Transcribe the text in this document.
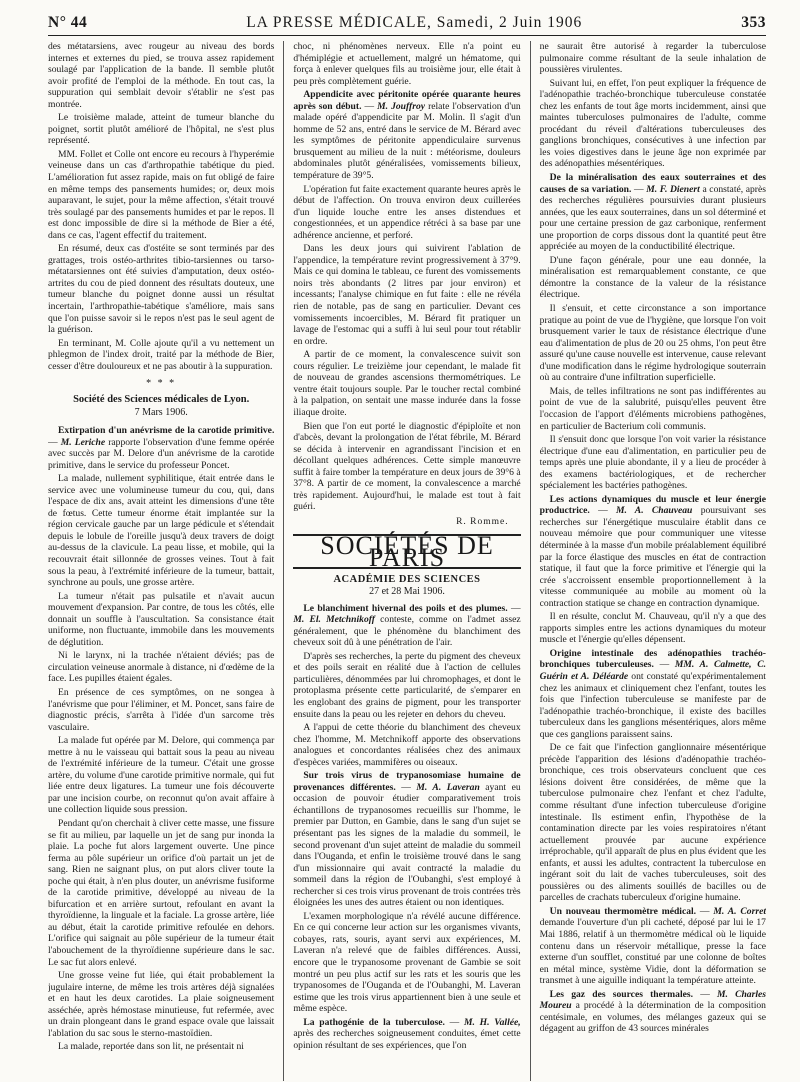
N° 44	LA PRESSE MÉDICALE, Samedi, 2 Juin 1906	353

des métatarsiens, avec rougeur au niveau des bords internes et externes du pied, se trouva assez rapidement soulagé par l'application de la bande. Il semble plutôt avoir profité de l'emploi de la méthode. En tout cas, la suppuration qui semblait devoir s'établir ne s'est pas montrée.

Le troisième malade, atteint de tumeur blanche du poignet, sortit plutôt amélioré de l'hôpital, ne s'est plus représenté.

MM. Follet et Colle ont encore eu recours à l'hyperémie veineuse dans un cas d'arthropathie tabétique du pied. L'amélioration fut assez rapide, mais on fut obligé de faire en même temps des pansements humides; or, deux mois auparavant, le sujet, pour la même affection, s'était trouvé très soulagé par des pansements humides et par le repos. Il est donc impossible de dire si la méthode de Bier a été, dans ce cas, l'agent effectif du traitement.

En résumé, deux cas d'ostéite se sont terminés par des grattages, trois ostéo-arthrites tibio-tarsiennes ou tarso-métatarsiennes ont été suivies d'amputation, deux ostéo-artrites du cou de pied donnent des résultats douteux, une tumeur blanche du poignet donne aussi un résultat incertain, l'arthropathie-tabétique s'améliore, mais sans que l'on puisse savoir si le repos n'est pas le seul agent de la guérison.

En terminant, M. Colle ajoute qu'il a vu nettement un phlegmon de l'index droit, traité par la méthode de Bier, cesser d'être douloureux et ne pas aboutir à la suppuration.

* * *
Société des Sciences médicales de Lyon.
7 Mars 1906.

Extirpation d'un anévrisme de la carotide primitive. — M. Leriche rapporte l'observation d'une femme opérée avec succès par M. Delore d'un anévrisme de la carotide primitive, dans le service du professeur Poncet.

La malade, nullement syphilitique, était entrée dans le service avec une volumineuse tumeur du cou, qui, dans l'espace de dix ans, avait atteint les dimensions d'une tête de fœtus. Cette tumeur énorme était implantée sur la région cervicale gauche par un large pédicule et s'étendait depuis le lobule de l'oreille jusqu'à deux travers de doigt au-dessus de la clavicule. La peau lisse, et mobile, qui la recouvrait était sillonnée de grosses veines. Tout à fait sous la peau, à l'extrémité inférieure de la tumeur, battait, synchrone au pouls, une grosse artère.

La tumeur n'était pas pulsatile et n'avait aucun mouvement d'expansion. Par contre, de tous les côtés, elle donnait un souffle à l'auscultation. Sa consistance était uniforme, non fluctuante, immobile dans les mouvements de déglutition.

Ni le larynx, ni la trachée n'étaient déviés; pas de circulation veineuse anormale à distance, ni d'œdème de la face. Les pupilles étaient égales.

En présence de ces symptômes, on ne songea à l'anévrisme que pour l'éliminer, et M. Poncet, sans faire de diagnostic précis, s'arrêta à l'idée d'un sarcome très vasculaire.

La malade fut opérée par M. Delore, qui commença par mettre à nu le vaisseau qui battait sous la peau au niveau de l'extrémité inférieure de la tumeur. C'était une grosse artère, du volume d'une carotide primitive normale, qui fut liée entre deux ligatures. La tumeur une fois découverte par une incision courbe, on reconnut qu'on avait affaire à une collection liquide sous pression.

Pendant qu'on cherchait à cliver cette masse, une fissure se fit au milieu, par laquelle un jet de sang pur inonda la plaie. La poche fut alors largement ouverte. Une pince ferma au pôle supérieur un orifice d'où partait un jet de sang. Rien ne saignant plus, on put alors cliver toute la poche qui était, à n'en plus douter, un anévrisme fusiforme de la carotide primitive, développé au niveau de la bifurcation et en arrière surtout, refoulant en avant la thyroïdienne, la linguale et la faciale. La grosse artère, liée au début, était la carotide primitive refoulée en dehors. L'orifice qui saignait au pôle supérieur de la tumeur était l'abouchement de la thyroïdienne supérieure dans le sac. Le sac fut alors enlevé.

Une grosse veine fut liée, qui était probablement la jugulaire interne, de même les trois artères déjà signalées et en haut les deux carotides. La plaie soigneusement asséchée, après hémostase minutieuse, fut refermée, avec un drain plongeant dans le grand espace ovale que laissait l'ablation du sac sous le sterno-mastoïdien.

La malade, reportée dans son lit, ne présentait ni

choc, ni phénomènes nerveux. Elle n'a point eu d'hémiplégie et actuellement, malgré un hématome, qui força à enlever quelques fils au troisième jour, elle était à peu près complètement guérie.

Appendicite avec péritonite opérée quarante heures après son début. — M. Jouffroy relate l'observation d'un malade opéré d'appendicite par M. Molin. Il s'agit d'un homme de 52 ans, entré dans le service de M. Bérard avec les symptômes de péritonite appendiculaire survenus brusquement au milieu de la nuit : météorisme, douleurs abdominales plutôt généralisées, vomissements bilieux, température de 39°5.

L'opération fut faite exactement quarante heures après le début de l'affection. On trouva environ deux cuillerées d'un liquide louche entre les anses distendues et congestionnées, et un appendice rétréci à sa base par une adhérence ancienne, et perforé.

Dans les deux jours qui suivirent l'ablation de l'appendice, la température revint progressivement à 37°9. Mais ce qui domina le tableau, ce furent des vomissements noirs très abondants (2 litres par jour environ) et incessants; l'analyse chimique en fut faite : elle ne révéla rien de notable, pas de sang en particulier. Devant ces vomissements incoercibles, M. Bérard fit pratiquer un lavage de l'estomac qui a suffi à lui seul pour tout rétablir en ordre.

A partir de ce moment, la convalescence suivit son cours régulier. Le treizième jour cependant, le malade fit de nouveau de grandes ascensions thermométriques. Le ventre était toujours souple. Par le toucher rectal combiné à la palpation, on sentait une masse indurée dans la fosse iliaque droite.

Bien que l'on eut porté le diagnostic d'épiploïte et non d'abcès, devant la prolongation de l'état fébrile, M. Bérard se décida à intervenir en agrandissant l'incision et en décollant quelques adhérences. Cette simple manœuvre suffit à faire tomber la température en deux jours de 39°6 à 37°8. A partir de ce moment, la convalescence a marché très rapidement. Aujourd'hui, le malade est tout à fait guéri.

R. Romme.
SOCIÉTÉS DE PARIS
ACADÉMIE DES SCIENCES
27 et 28 Mai 1906.

Le blanchiment hivernal des poils et des plumes. — M. El. Metchnikoff conteste, comme on l'admet assez généralement, que le phénomène du blanchiment des cheveux soit dû à une pénétration de l'air.

D'après ses recherches, la perte du pigment des cheveux et des poils serait en réalité due à l'action de cellules particulières, dénommées par lui chromophages, et dont le protoplasma présente cette particularité, de s'emparer en les englobant des grains de pigment, pour les transporter ensuite dans la peau ou les rejeter en dehors du cheveu.

A l'appui de cette théorie du blanchiment des cheveux chez l'homme, M. Metchnikoff apporte des observations analogues et concordantes réalisées chez des animaux d'espèces variées, mammifères ou oiseaux.

Sur trois virus de trypanosomiase humaine de provenances différentes. — M. A. Laveran ayant eu occasion de pouvoir étudier comparativement trois échantillons de trypanosomes recueillis sur l'homme, le premier par Dutton, en Gambie, dans le sang d'un sujet se présentant pas les signes de la maladie du sommeil, le second provenant d'un sujet atteint de maladie du sommeil dans l'Ouganda, et enfin le troisième trouvé dans le sang d'un missionnaire qui avait contracté la maladie du sommeil dans la région de l'Oubanghi, s'est employé à rechercher si ces trois virus provenant de trois contrées très éloignées les unes des autres étaient ou non identiques.

L'examen morphologique n'a révélé aucune différence. En ce qui concerne leur action sur les organismes vivants, cobayes, rats, souris, ayant servi aux expériences, M. Laveran n'a relevé que de faibles différences. Aussi, encore que le trypanosome provenant de Gambie se soit montré un peu plus actif sur les rats et les souris que les trypanosomes de l'Ouganda et de l'Oubanghi, M. Laveran estime que les trois virus appartiennent bien à une seule et même espèce.

La pathogénie de la tuberculose. — M. H. Vallée, après des recherches soigneusement conduites, émet cette opinion résultant de ses expériences, que l'on

ne saurait être autorisé à regarder la tuberculose pulmonaire comme résultant de la seule inhalation de poussières virulentes.

Suivant lui, en effet, l'on peut expliquer la fréquence de l'adénopathie trachéo-bronchique tuberculeuse constatée chez les enfants de tout âge morts incidemment, ainsi que maintes tuberculoses pulmonaires de l'adulte, comme procédant du réveil d'altérations tuberculeuses des ganglions bronchiques, consécutives à une infection par les voies digestives dans le jeune âge non exprimée par des adénopathies mésentériques.

De la minéralisation des eaux souterraines et des causes de sa variation. — M. F. Dienert a constaté, après des recherches régulières poursuivies durant plusieurs années, que les eaux souterraines, dans un sol déterminé et pour une certaine pression de gaz carbonique, renferment une proportion de corps dissous dont la quantité peut être appréciée au moyen de la conductibilité électrique.

D'une façon générale, pour une eau donnée, la minéralisation est remarquablement constante, ce que démontre la constance de la valeur de la résistance électrique.

Il s'ensuit, et cette circonstance a son importance pratique au point de vue de l'hygiène, que lorsque l'on voit brusquement varier le taux de résistance électrique d'une eau d'alimentation de plus de 20 ou 25 ohms, l'on peut être assuré qu'une cause nouvelle est intervenue, cause relevant d'une modification dans le régime hydrologique souterrain où au contraire d'une infiltration superficielle.

Mais, de telles infiltrations ne sont pas indifférentes au point de vue de la salubrité, puisqu'elles peuvent être l'occasion de l'apport d'éléments microbiens pathogènes, en particulier de Bacterium coli communis.

Il s'ensuit donc que lorsque l'on voit varier la résistance électrique d'une eau d'alimentation, en particulier peu de temps après une pluie abondante, il y a lieu de procéder à des examens bactériologiques, et de rechercher spécialement les bactéries pathogènes.

Les actions dynamiques du muscle et leur énergie productrice. — M. A. Chauveau poursuivant ses recherches sur l'énergétique musculaire établit dans ce nouveau mémoire que pour communiquer une vitesse déterminée à la masse d'un mobile préalablement équilibré par la force élastique des muscles en état de contraction statique, il faut que la force primitive et l'énergie qui la crée s'accroissent ensemble proportionnellement à la vitesse communiquée au mobile au moment où la contraction statique se change en contraction dynamique.

Il en résulte, conclut M. Chauveau, qu'il n'y a que des rapports simples entre les actions dynamiques du moteur muscle et l'énergie qu'elles dépensent.

Origine intestinale des adénopathies trachéo-bronchiques tuberculeuses. — MM. A. Calmette, C. Guérin et A. Déléarde ont constaté qu'expérimentalement chez les animaux et cliniquement chez l'enfant, toutes les fois que l'infection tuberculeuse se manifeste par de l'adénopathie trachéo-bronchique, il existe des bacilles tuberculeux dans les ganglions mésentériques, alors même que ces ganglions paraissent sains.

De ce fait que l'infection ganglionnaire mésentérique précède l'apparition des lésions d'adénopathie trachéo-bronchique, ces trois observateurs concluent que ces lésions doivent être considérées, de même que la tuberculose pulmonaire chez l'enfant et chez l'adulte, comme résultant d'une infection tuberculeuse d'origine intestinale. Ils estiment enfin, l'hypothèse de la contamination directe par les voies respiratoires n'étant actuellement prouvée par aucune expérience irréprochable, qu'il apparaît de plus en plus évident que les enfants, et aussi les adultes, contractent la tuberculose en ingérant soit du lait de vaches tuberculeuses, soit des poussières ou des aliments souillés de bacilles ou de parcelles de crachats tuberculeux d'origine humaine.

Un nouveau thermomètre médical. — M. A. Corret demande l'ouverture d'un pli cacheté, déposé par lui le 17 Mai 1886, relatif à un thermomètre médical où le liquide contenu dans un réservoir métallique, presse la face externe d'un soufflet, constitué par une colonne de boîtes en métal mince, système Vidie, dont la déformation se transmet à une aiguille indiquant la température atteinte.

Les gaz des sources thermales. — M. Charles Moureu a procédé à la détermination de la composition centésimale, en volumes, des mélanges gazeux qui se dégagent au griffon de 43 sources minérales
